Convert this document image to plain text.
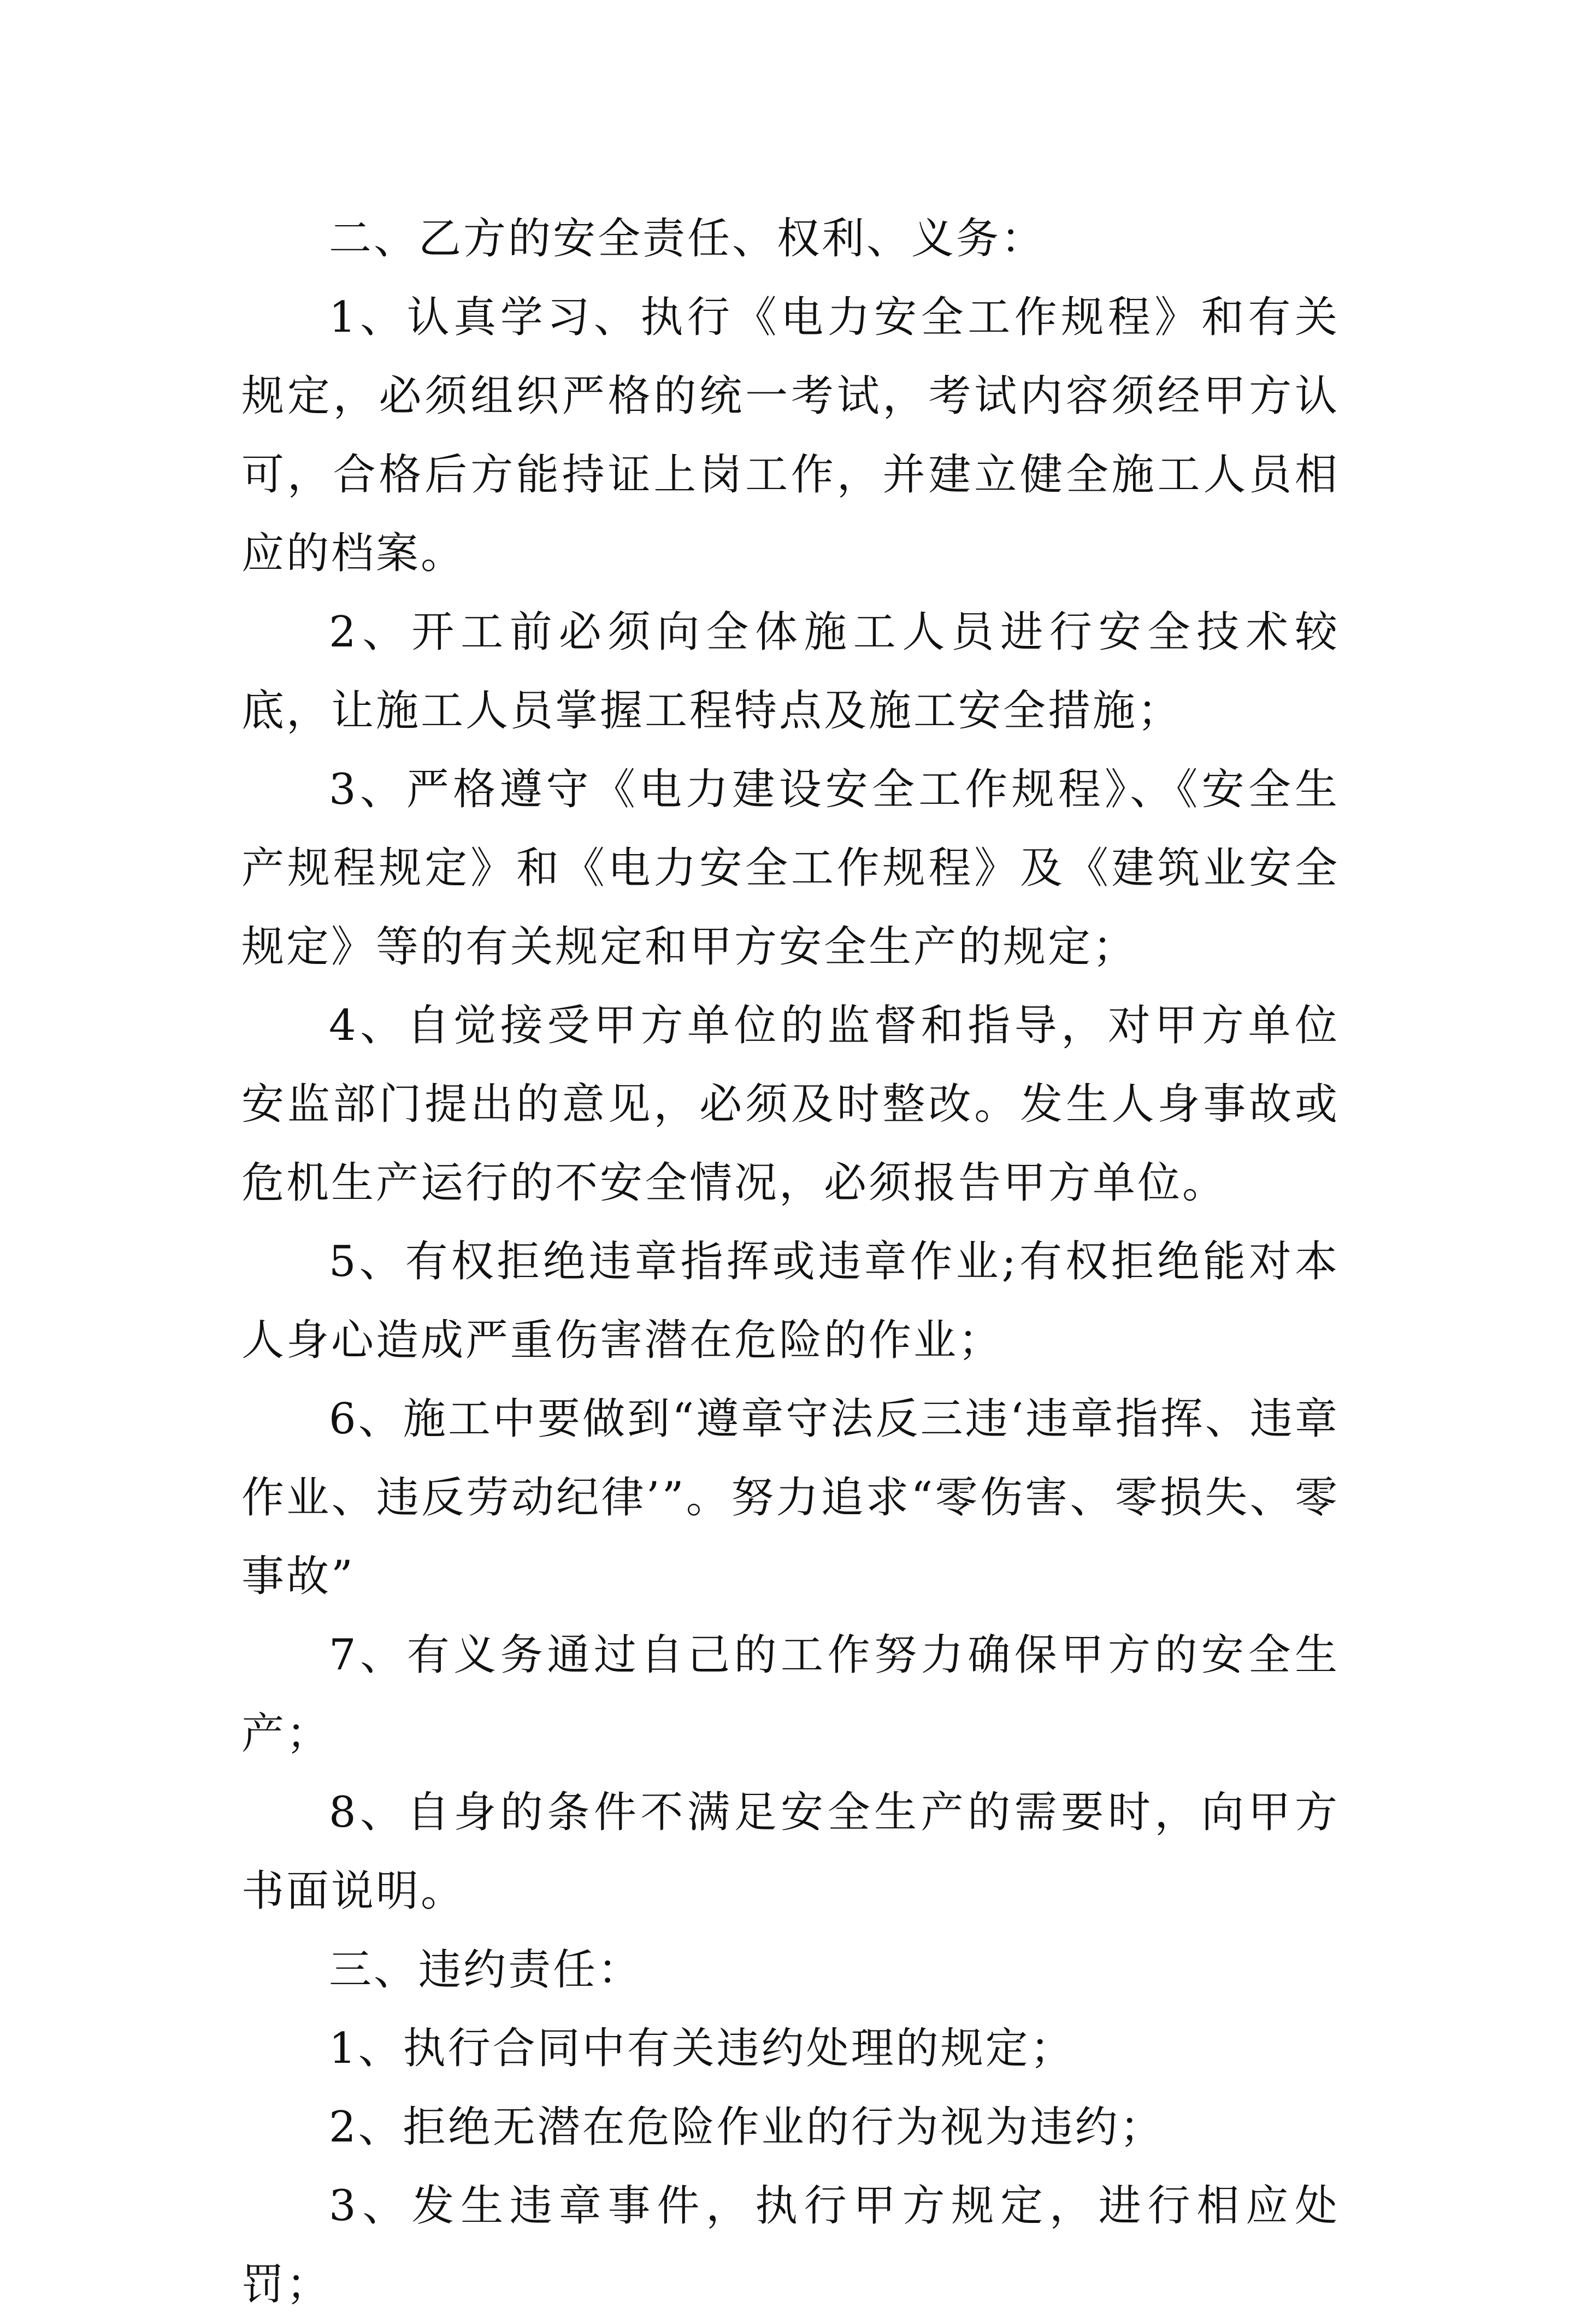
二、乙方的安全责任、权利、义务：

1、认真学习、执行《电力安全工作规程》和有关规定，必须组织严格的统一考试，考试内容须经甲方认可，合格后方能持证上岗工作，并建立健全施工人员相应的档案。

2、开工前必须向全体施工人员进行安全技术较底，让施工人员掌握工程特点及施工安全措施；

3、严格遵守《电力建设安全工作规程》、《安全生产规程规定》和《电力安全工作规程》及《建筑业安全规定》等的有关规定和甲方安全生产的规定；

4、自觉接受甲方单位的监督和指导，对甲方单位安监部门提出的意见，必须及时整改。发生人身事故或危机生产运行的不安全情况，必须报告甲方单位。

5、有权拒绝违章指挥或违章作业;有权拒绝能对本人身心造成严重伤害潜在危险的作业；

6、施工中要做到“遵章守法反三违‘违章指挥、违章作业、违反劳动纪律’”。努力追求“零伤害、零损失、零事故”

7、有义务通过自己的工作努力确保甲方的安全生产；

8、自身的条件不满足安全生产的需要时，向甲方书面说明。

三、违约责任：

1、执行合同中有关违约处理的规定；

2、拒绝无潜在危险作业的行为视为违约；

3、发生违章事件，执行甲方规定，进行相应处罚；
